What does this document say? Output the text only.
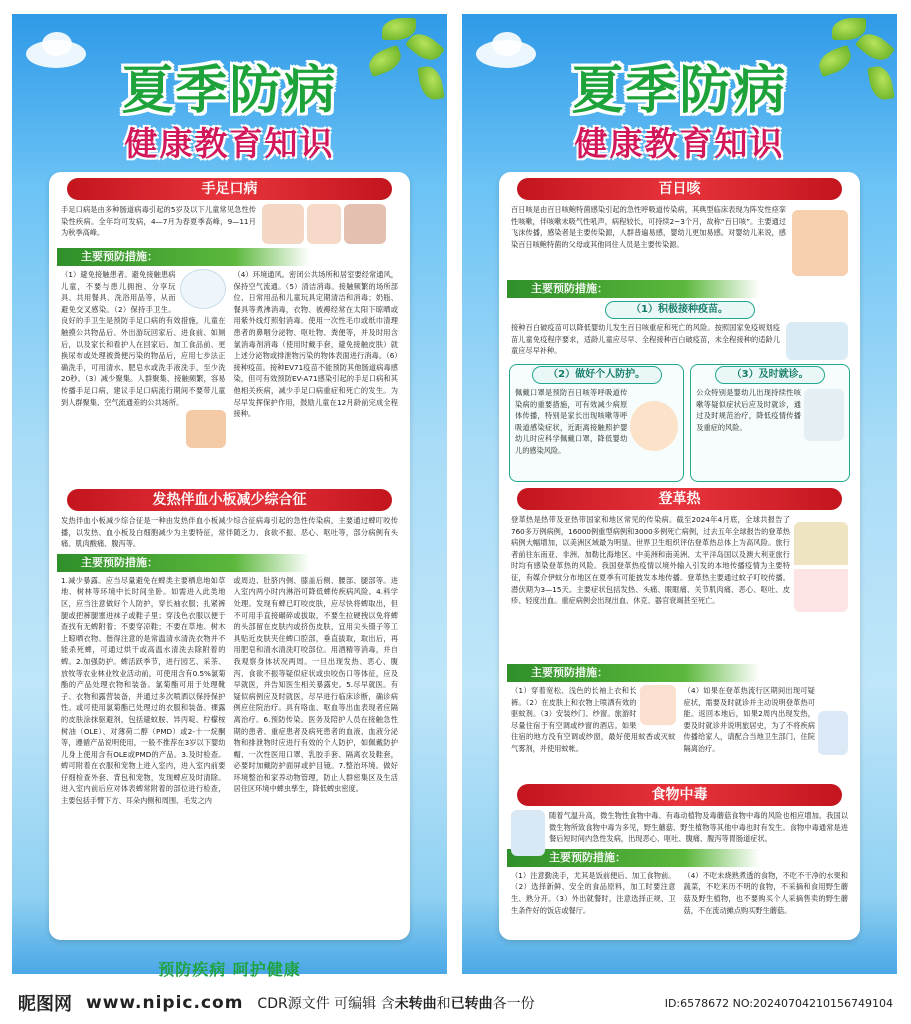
夏季防病
健康教育知识
手足口病
手足口病是由多种肠道病毒引起的5岁及以下儿童常见急性传染性疾病。全年均可发病，4—7月为春夏季高峰，9—11月为秋季高峰。
主要预防措施：
（1）避免接触患者。避免接触患病儿童，不要与患儿拥抱、分享玩具、共用餐具、洗浴用品等，从而避免交叉感染。（2）保持手卫生。良好的手卫生是预防手足口病的有效措施，儿童在触摸公共物品后、外出游玩回家后、进食前、如厕后，以及家长和看护人在回家后、加工食品前、更换尿布或处理被粪便污染的物品后，应用七步法正确洗手，可用清水、肥皂水或洗手液洗手，至少洗20秒。（3）减少聚集。人群聚集、接触频繁，容易传播手足口病，建议手足口病流行期间不要带儿童到人群聚集、空气流通差的公共场所。
（4）环境通风。密闭公共场所和居室要经常通风，保持空气流通。（5）清洁消毒。接触频繁的场所部位、日常用品和儿童玩具定期清洁和消毒；奶瓶、餐具等煮沸消毒，衣物、被褥经常在太阳下晾晒或用紫外线灯照射消毒。使用一次性毛巾或纸巾清理患者的鼻咽分泌物、呕吐物、粪便等，并及时用含氯消毒剂消毒（使用时戴手套，避免接触皮肤）就上述分泌物或排泄物污染的物体表面进行消毒。（6）接种疫苗。接种EV71疫苗不能预防其他肠道病毒感染，但可有效预防EV-A71感染引起的手足口病和其他相关疾病，减少手足口病重症和死亡的发生。为尽早发挥保护作用，鼓励儿童在12月龄前完成全程接种。
发热伴血小板减少综合征
发热伴血小板减少综合征是一种由发热伴血小板减少综合征病毒引起的急性传染病，主要通过蜱叮咬传播，以发热、血小板及白细胞减少为主要特征，常伴随乏力、食欲不振、恶心、呕吐等，部分病例有头痛、肌肉酸痛、腹泻等。
主要预防措施：
1.减少暴露。应当尽量避免在蜱类主要栖息地如草地、树林等环境中长时间坐卧。如需进入此类地区，应当注意做好个人防护，穿长袖衣服；扎紧裤腿或把裤腿塞进袜子或鞋子里；穿浅色衣服以便于查找有无蜱附着；不要穿凉鞋；不要在草地、树木上晾晒衣物。偕得注意的是常温清水清洗衣物并不能杀死蜱，可通过烘干或高温水清洗去除附着的蜱。2.加强防护。蜱活跃季节，进行园艺、采茶、放牧等农业林业牧业活动前，可使用含有0.5%氯菊酯的产品处理衣物和装备。氯菊酯可用于处理靴子、衣物和露营装备，并通过多次喷洒以保持保护性。或可使用氯菊酯已处理过的衣服和装备。裸露的皮肤涂抹驱避剂，包括避蚊胺、异丙啶、柠檬桉树油（OLE）、对薄荷二醇（PMD）或2-十一烷酮等，遵循产品说明使用，一般不推荐在3岁以下婴幼儿身上使用含有OLE或PMD的产品。3.及时检查。蜱可附着在衣服和宠物上进入室内，进入室内前要仔细检查外套、背包和宠物，发现蜱应及时清除。进入室内前后应对体表蜱常附着的部位进行检查，主要包括手臂下方、耳朵内侧和周围、毛发之内
或周边、肚脐内侧、膝盖后侧、腰部、腿部等。进入室内两小时内淋浴可降低蜱传疾病风险。4.科学处理。发现有蜱已叮咬皮肤，应尽快将蜱取出，但不可用手直接碾碎或拔取，不要生拉硬拽以免将蜱的头部留在皮肤内或挤伤皮肤，宜用尖头镊子等工具贴近皮肤夹住蜱口腔部，垂直拔取，取出后，再用肥皂和清水清洗叮咬部位。用酒精等消毒，并自我观察身体状况两周。一旦出现发热、恶心、腹泻、食欲不振等疑似症状或虫咬伤口等体征，应及早就医，并告知医生相关暴露史。5.尽早就医。有疑似病例应及时就医，尽早进行临床诊断，确诊病例应住院治疗。具有咯血、呕血等出血表现者应隔离治疗。6.预防传染。医务及陪护人员在接触急性期的患者、重症患者及病死患者的血液、血液分泌物和排泄物时应进行有效的个人防护，如佩戴防护帽、一次性医用口罩、乳胶手套、隔离衣及鞋套，必要时加戴防护面屏或护目镜。7.整治环境。做好环境整治和家养动物管理，防止人群密集区及生活居住区环境中蜱虫孳生，降低蜱虫密度。
预防疾病 呵护健康
夏季防病
健康教育知识
百日咳
百日咳是由百日咳鲍特菌感染引起的急性呼吸道传染病，其典型临床表现为阵发性痉挛性咳嗽，伴咳嗽末吸气性吼声，病程较长，可持续2~3个月，故称“百日咳”。主要通过飞沫传播，感染者是主要传染源，人群普遍易感，婴幼儿更加易感。对婴幼儿来说，感染百日咳鲍特菌的父母或其他同住人员是主要传染源。
主要预防措施：
（1）积极接种疫苗。
接种百白破疫苗可以降低婴幼儿发生百日咳重症和死亡的风险。按照国家免疫规划疫苗儿童免疫程序要求，适龄儿童应尽早、全程接种百白破疫苗，未全程接种的适龄儿童应尽早补种。
（2）做好个人防护。
佩戴口罩是预防百日咳等呼吸道传染病的重要措施，可有效减少病原体传播，特别是家长出现咳嗽等呼吸道感染症状，近距离接触照护婴幼儿时应科学佩戴口罩，降低婴幼儿的感染风险。
（3）及时就诊。
公众特别是婴幼儿出现持续性咳嗽等疑似症状后应及时就诊，通过及时规范治疗，降低疫情传播及重症的风险。
登革热
登革热是热带及亚热带国家和地区常见的传染病。截至2024年4月底，全球共报告了760多万例病例，16000例重型病例和3000多例死亡病例，过去五年全球报告的登革热病例大幅增加，以美洲区域最为明显。世界卫生组织评估登革热总体上为高风险。旅行者前往东南亚、非洲、加勒比海地区、中美洲和南美洲、太平洋岛国以及澳大利亚旅行时均有感染登革热的风险。我国登革热疫情以境外输入引发的本地传播疫情为主要特征，有媒介伊蚊分布地区在夏季有可能披发本地传播。登革热主要通过蚊子叮咬传播。潜伏期为3—15天。主要症状包括发热、头痛、眼眶痛、关节肌肉痛、恶心、呕吐、皮疹、轻度出血。重症病例会出现出血、休克、器官衰竭甚至死亡。
主要预防措施：
（1）穿着宽松、浅色的长袖上衣和长裤。（2）在皮肤上和衣物上喷洒有效的驱蚊剂。（3）安装纱门、纱窗。旅游时尽量住宿于有空调或纱窗的酒店。如果住宿的地方没有空调或纱窗，最好使用蚊香或灭蚊气雾剂，并使用蚊帐。
（4）如果在登革热流行区期间出现可疑症状，需要及时就诊并主动说明登革热可能。返回本地后，如果2周内出现发热，要及时就诊并说明旅居史，为了不将疾病传播给家人，请配合当地卫生部门，住院隔离治疗。
食物中毒
随着气温升高，微生物性食物中毒、有毒动植物及毒蘑菇食物中毒的风险也相应增加。我国以微生物所致食物中毒为多见，野生蘑菇、野生植物等其他中毒也时有发生。食物中毒通常是进餐后短时间内急性发病，出现恶心、呕吐、腹痛、腹泻等胃肠道症状。
主要预防措施：
（1）注意勤洗手，尤其是饭前便后、加工食物前。（2）选择新鲜、安全的食品原料，加工时要注意生、熟分开。（3）外出就餐时，注意选择正规、卫生条件好的饭店或餐厅。
（4）不吃未烧熟煮透的食物，不吃不干净的水果和蔬菜，不吃来历不明的食物，不采摘和食用野生蘑菇及野生植物，也不要购买个人采摘售卖的野生蘑菇，不在流动摊点购买野生蘑菇。
昵图网 www.nipic.com CDR源文件 可编辑 含未转曲和已转曲各一份	ID:6578672 NO:20240704210156749104
